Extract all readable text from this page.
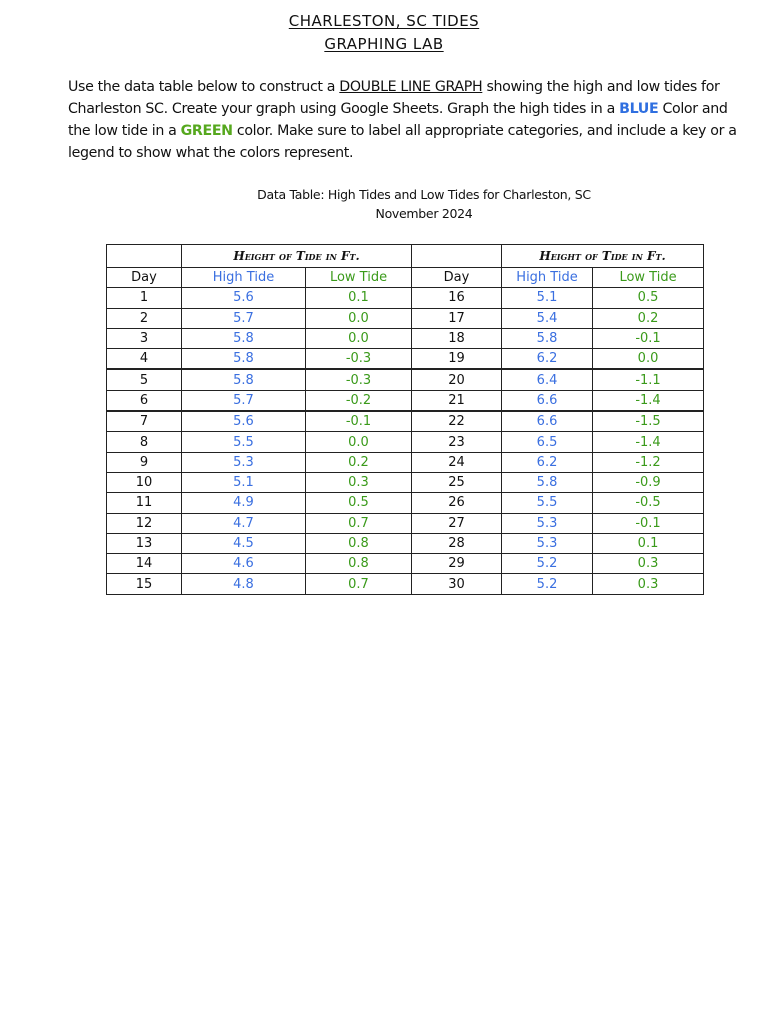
CHARLESTON, SC TIDES
GRAPHING LAB
Use the data table below to construct a DOUBLE LINE GRAPH showing the high and low tides for Charleston SC. Create your graph using Google Sheets. Graph the high tides in a BLUE Color and the low tide in a GREEN color. Make sure to label all appropriate categories, and include a key or a legend to show what the colors represent.
Data Table: High Tides and Low Tides for Charleston, SC
November 2024
	Height of Tide in Ft.			Height of Tide in Ft.	
Day	High Tide	Low Tide	Day	High Tide	Low Tide
1	5.6	0.1	16	5.1	0.5
2	5.7	0.0	17	5.4	0.2
3	5.8	0.0	18	5.8	-0.1
4	5.8	-0.3	19	6.2	0.0
5	5.8	-0.3	20	6.4	-1.1
6	5.7	-0.2	21	6.6	-1.4
7	5.6	-0.1	22	6.6	-1.5
8	5.5	0.0	23	6.5	-1.4
9	5.3	0.2	24	6.2	-1.2
10	5.1	0.3	25	5.8	-0.9
11	4.9	0.5	26	5.5	-0.5
12	4.7	0.7	27	5.3	-0.1
13	4.5	0.8	28	5.3	0.1
14	4.6	0.8	29	5.2	0.3
15	4.8	0.7	30	5.2	0.3
